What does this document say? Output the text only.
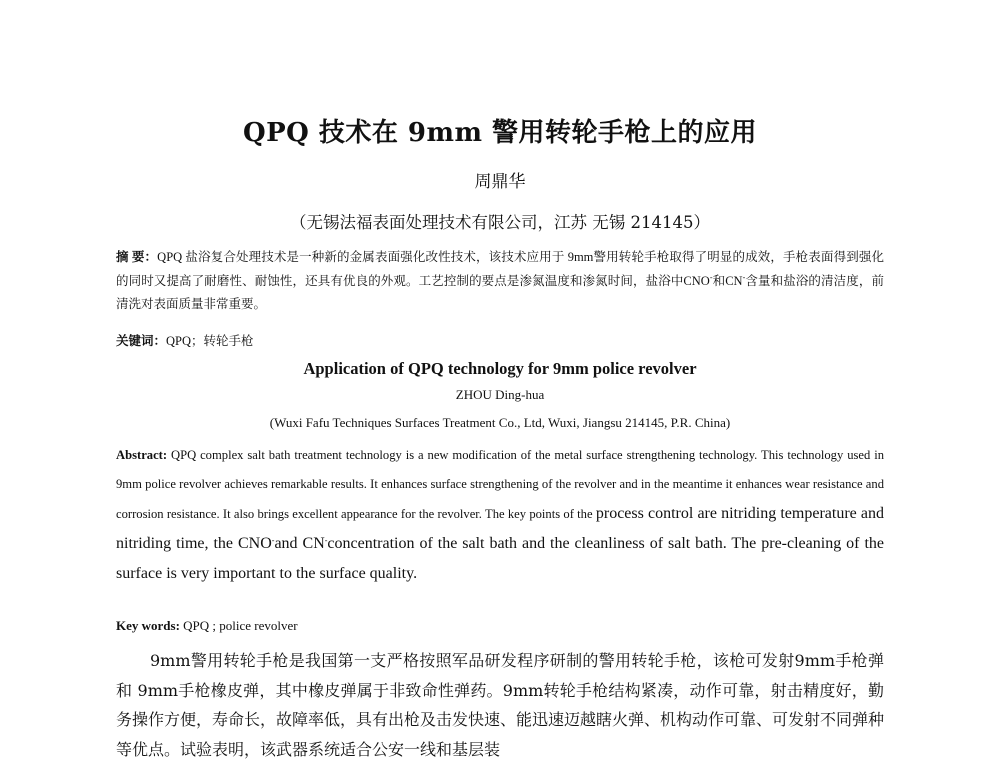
QPQ 技术在 9mm 警用转轮手枪上的应用
周鼎华
（无锡法福表面处理技术有限公司，江苏 无锡 214145）
摘 要：QPQ 盐浴复合处理技术是一种新的金属表面强化改性技术，该技术应用于 9mm警用转轮手枪取得了明显的成效，手枪表面得到强化的同时又提高了耐磨性、耐蚀性，还具有优良的外观。工艺控制的要点是渗氮温度和渗氮时间，盐浴中CNO-和CN-含量和盐浴的清洁度，前清洗对表面质量非常重要。
关键词：QPQ；转轮手枪
Application of QPQ technology for 9mm police revolver
ZHOU Ding-hua
(Wuxi Fafu Techniques Surfaces Treatment Co., Ltd, Wuxi, Jiangsu 214145, P.R. China)
Abstract: QPQ complex salt bath treatment technology is a new modification of the metal surface strengthening technology. This technology used in 9mm police revolver achieves remarkable results. It enhances surface strengthening of the revolver and in the meantime it enhances wear resistance and corrosion resistance. It also brings excellent appearance for the revolver. The key points of the process control are nitriding temperature and nitriding time, the CNO-and CN-concentration of the salt bath and the cleanliness of salt bath. The pre-cleaning of the surface is very important to the surface quality.
Key words: QPQ ; police revolver
9mm警用转轮手枪是我国第一支严格按照军品研发程序研制的警用转轮手枪，该枪可发射9mm手枪弹和 9mm手枪橡皮弹，其中橡皮弹属于非致命性弹药。9mm转轮手枪结构紧凑，动作可靠，射击精度好，勤务操作方便，寿命长，故障率低，具有出枪及击发快速、能迅速迈越瞎火弹、机构动作可靠、可发射不同弹种等优点。试验表明，该武器系统适合公安一线和基层装
